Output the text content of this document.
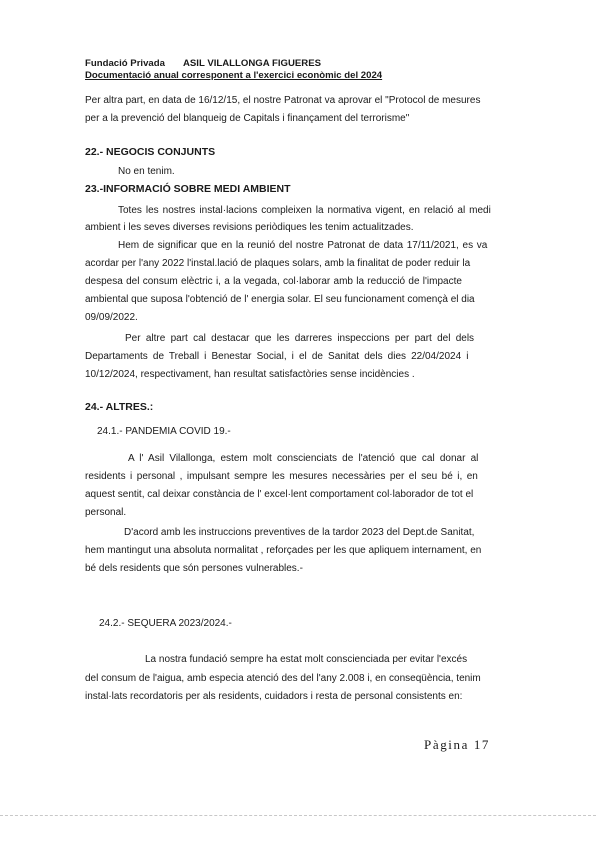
Fundació Privada ASIL VILALLONGA FIGUERES
Documentació anual corresponent a l'exercici econòmic del 2024
Per altra part, en data de 16/12/15, el nostre Patronat va aprovar el "Protocol de mesures
per a la prevenció del blanqueig de Capitals i finançament del terrorisme"
22.- NEGOCIS CONJUNTS
No en tenim.
23.-INFORMACIÓ SOBRE MEDI AMBIENT
Totes les nostres instal·lacions compleixen la normativa vigent, en relació al medi
ambient i les seves diverses revisions periòdiques les tenim actualitzades.
Hem de significar que en la reunió del nostre Patronat de data 17/11/2021, es va
acordar per l'any 2022 l'instal.lació de plaques solars, amb la finalitat de poder reduir la
despesa del consum elèctric i, a la vegada, col·laborar amb la reducció de l'impacte
ambiental que suposa l'obtenció de l' energia solar. El seu funcionament començà el dia
09/09/2022.
Per altre part cal destacar que les darreres inspeccions per part del dels
Departaments de Treball i Benestar Social, i el de Sanitat dels dies 22/04/2024 i
10/12/2024, respectivament, han resultat satisfactòries sense incidències .
24.- ALTRES.:
24.1.- PANDEMIA COVID 19.-
A l' Asil Vilallonga, estem molt conscienciats de l'atenció que cal donar al
residents i personal , impulsant sempre les mesures necessàries per el seu bé i, en
aquest sentit, cal deixar constància de l' excel·lent comportament col·laborador de tot el
personal.
D'acord amb les instruccions preventives de la tardor 2023 del Dept.de Sanitat,
hem mantingut una absoluta normalitat , reforçades per les que apliquem internament, en
bé dels residents que són persones vulnerables.-
24.2.- SEQUERA 2023/2024.-
La nostra fundació sempre ha estat molt conscienciada per evitar l'excés
del consum de l'aigua, amb especia atenció des del l'any 2.008 i, en conseqüència, tenim
instal·lats recordatoris per als residents, cuidadors i resta de personal consistents en:
Pàgina 17
